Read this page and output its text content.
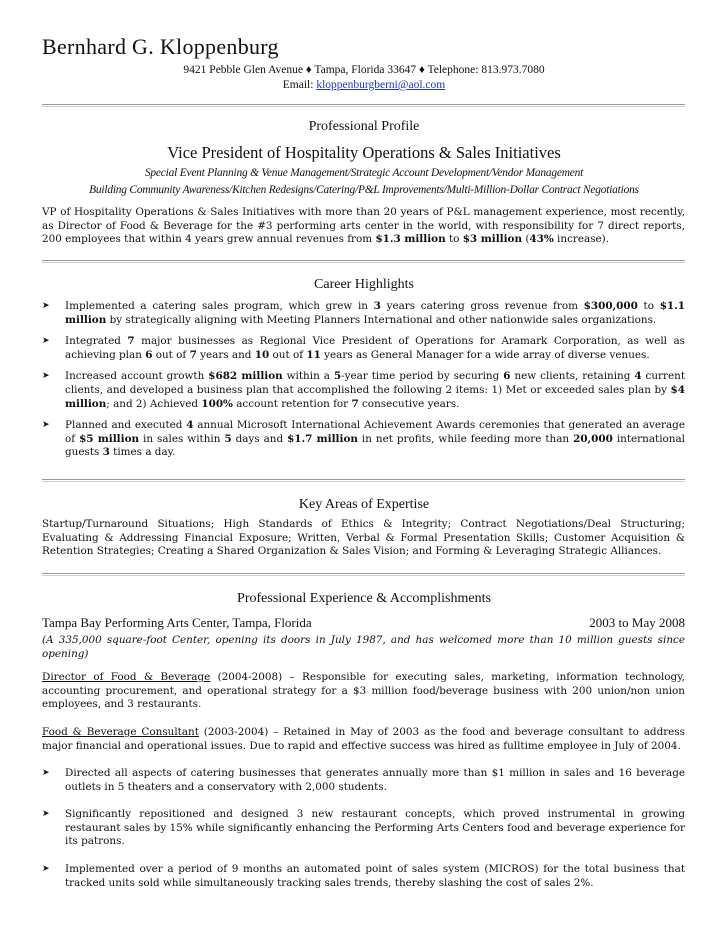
Bernhard G. Kloppenburg
9421 Pebble Glen Avenue ♦ Tampa, Florida 33647 ♦ Telephone: 813.973.7080
Email: kloppenburgberni@aol.com
Professional Profile
Vice President of Hospitality Operations & Sales Initiatives
Special Event Planning & Venue Management/Strategic Account Development/Vendor Management
Building Community Awareness/Kitchen Redesigns/Catering/P&L Improvements/Multi-Million-Dollar Contract Negotiations
VP of Hospitality Operations & Sales Initiatives with more than 20 years of P&L management experience, most recently, as Director of Food & Beverage for the #3 performing arts center in the world, with responsibility for 7 direct reports, 200 employees that within 4 years grew annual revenues from $1.3 million to $3 million (43% increase).
Career Highlights
➤ Implemented a catering sales program, which grew in 3 years catering gross revenue from $300,000 to $1.1 million by strategically aligning with Meeting Planners International and other nationwide sales organizations.
➤ Integrated 7 major businesses as Regional Vice President of Operations for Aramark Corporation, as well as achieving plan 6 out of 7 years and 10 out of 11 years as General Manager for a wide array of diverse venues.
➤ Increased account growth $682 million within a 5-year time period by securing 6 new clients, retaining 4 current clients, and developed a business plan that accomplished the following 2 items: 1) Met or exceeded sales plan by $4 million; and 2) Achieved 100% account retention for 7 consecutive years.
➤ Planned and executed 4 annual Microsoft International Achievement Awards ceremonies that generated an average of $5 million in sales within 5 days and $1.7 million in net profits, while feeding more than 20,000 international guests 3 times a day.
Key Areas of Expertise
Startup/Turnaround Situations; High Standards of Ethics & Integrity; Contract Negotiations/Deal Structuring; Evaluating & Addressing Financial Exposure; Written, Verbal & Formal Presentation Skills; Customer Acquisition & Retention Strategies; Creating a Shared Organization & Sales Vision; and Forming & Leveraging Strategic Alliances.
Professional Experience & Accomplishments
Tampa Bay Performing Arts Center, Tampa, Florida	2003 to May 2008
(A 335,000 square-foot Center, opening its doors in July 1987, and has welcomed more than 10 million guests since opening)
Director of Food & Beverage (2004-2008) – Responsible for executing sales, marketing, information technology, accounting procurement, and operational strategy for a $3 million food/beverage business with 200 union/non union employees, and 3 restaurants.
Food & Beverage Consultant (2003-2004) – Retained in May of 2003 as the food and beverage consultant to address major financial and operational issues. Due to rapid and effective success was hired as fulltime employee in July of 2004.
➤ Directed all aspects of catering businesses that generates annually more than $1 million in sales and 16 beverage outlets in 5 theaters and a conservatory with 2,000 students.
➤ Significantly repositioned and designed 3 new restaurant concepts, which proved instrumental in growing restaurant sales by 15% while significantly enhancing the Performing Arts Centers food and beverage experience for its patrons.
➤ Implemented over a period of 9 months an automated point of sales system (MICROS) for the total business that tracked units sold while simultaneously tracking sales trends, thereby slashing the cost of sales 2%.
